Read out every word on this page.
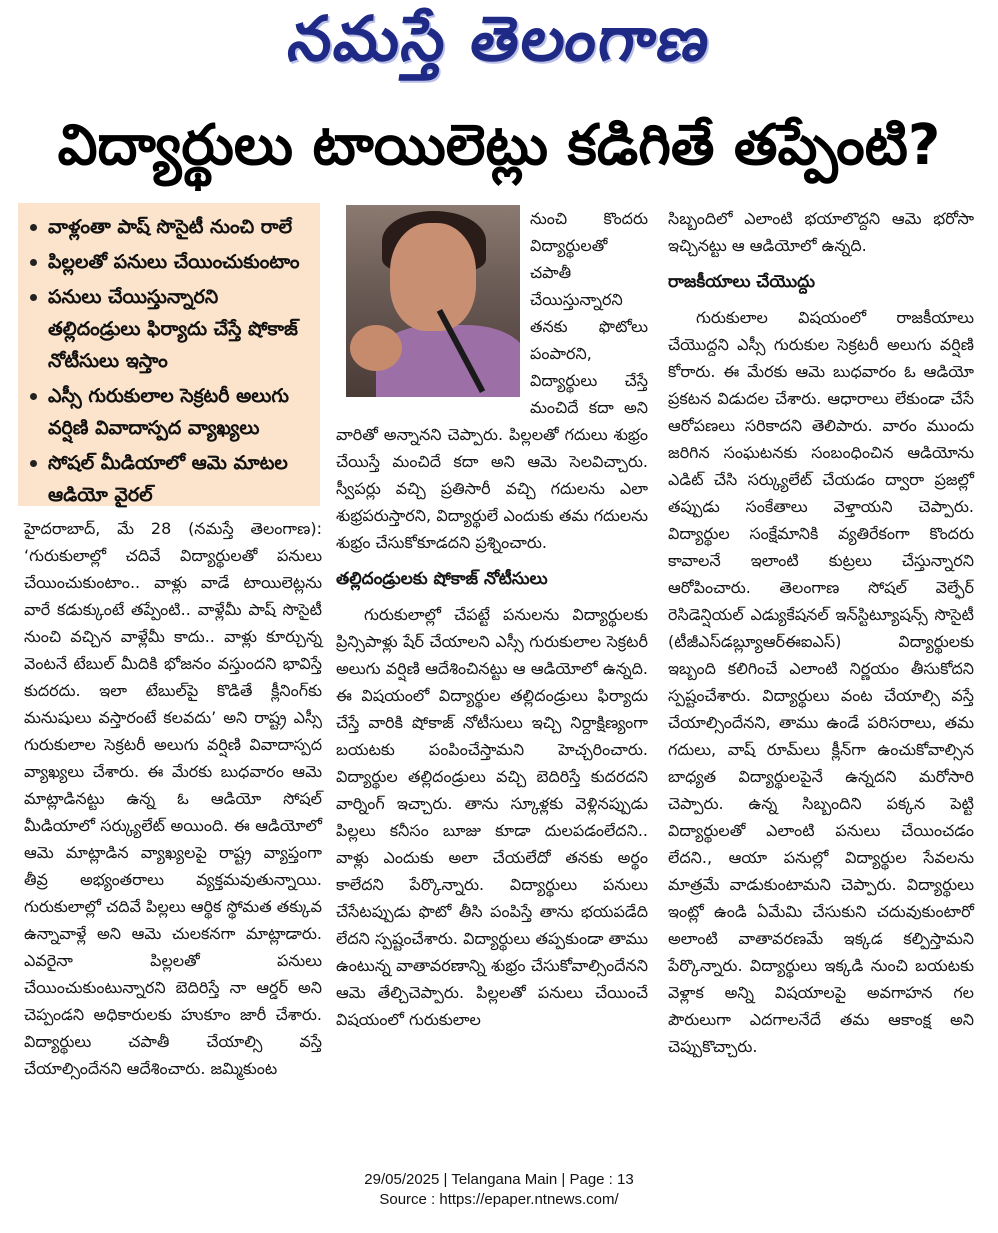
నమస్తే తెలంగాణ
విద్యార్థులు టాయిలెట్లు కడిగితే తప్పేంటి?
వాళ్లంతా పాష్ సొసైటీ నుంచి రాలే
పిల్లలతో పనులు చేయించుకుంటాం
పనులు చేయిస్తున్నారని తల్లిదండ్రులు ఫిర్యాదు చేస్తే షోకాజ్ నోటీసులు ఇస్తాం
ఎస్సీ గురుకులాల సెక్రటరీ అలుగు వర్షిణి వివాదాస్పద వ్యాఖ్యలు
సోషల్ మీడియాలో ఆమె మాటల ఆడియో వైరల్

హైదరాబాద్, మే 28 (నమస్తే తెలంగాణ): ‘గురుకులాల్లో చదివే విద్యార్థులతో పనులు చేయించుకుంటాం.. వాళ్లు వాడే టాయిలెట్లను వారే కడుక్కుంటే తప్పేంటి.. వాళ్లేమీ పాష్ సొసైటీ నుంచి వచ్చిన వాళ్లేమీ కాదు.. వాళ్లు కూర్చున్న వెంటనే టేబుల్ మీదికి భోజనం వస్తుందని భావిస్తే కుదరదు. ఇలా టేబుల్‌పై కొడితే క్లీనింగ్‌కు మనుషులు వస్తారంటే కలవదు’ అని రాష్ట్ర ఎస్సీ గురుకులాల సెక్రటరీ అలుగు వర్షిణి వివాదాస్పద వ్యాఖ్యలు చేశారు. ఈ మేరకు బుధవారం ఆమె మాట్లాడినట్టు ఉన్న ఓ ఆడియో సోషల్ మీడియాలో సర్క్యులేట్ అయింది. ఈ ఆడియోలో ఆమె మాట్లాడిన వ్యాఖ్యలపై రాష్ట్ర వ్యాప్తంగా తీవ్ర అభ్యంతరాలు వ్యక్తమవుతున్నాయి. గురుకులాల్లో చదివే పిల్లలు ఆర్థిక స్థోమత తక్కువ ఉన్నావాళ్లే అని ఆమె చులకనగా మాట్లాడారు. ఎవరైనా పిల్లలతో పనులు చేయించుకుంటున్నారని బెదిరిస్తే నా ఆర్డర్ అని చెప్పండని అధికారులకు హుకూం జారీ చేశారు. విద్యార్థులు చపాతీ చేయాల్సి వస్తే చేయాల్సిందేనని ఆదేశించారు. జమ్మికుంట

నుంచి కొందరు విద్యార్థులతో చపాతీ చేయిస్తున్నారని తనకు ఫొటోలు పంపారని, విద్యార్థులు చేస్తే మంచిదే కదా అని వారితో అన్నానని చెప్పారు. పిల్లలతో గదులు శుభ్రం చేయిస్తే మంచిదే కదా అని ఆమె సెలవిచ్చారు. స్వీపర్లు వచ్చి ప్రతిసారీ వచ్చి గదులను ఎలా శుభ్రపరుస్తారని, విద్యార్థులే ఎందుకు తమ గదులను శుభ్రం చేసుకోకూడదని ప్రశ్నించారు.

తల్లిదండ్రులకు షోకాజ్ నోటీసులు

గురుకులాల్లో చేపట్టే పనులను విద్యార్థులకు ప్రిన్సిపాళ్లు షేర్ చేయాలని ఎస్సీ గురుకులాల సెక్రటరీ అలుగు వర్షిణి ఆదేశించినట్టు ఆ ఆడియోలో ఉన్నది. ఈ విషయంలో విద్యార్థుల తల్లిదండ్రులు ఫిర్యాదు చేస్తే వారికి షోకాజ్ నోటీసులు ఇచ్చి నిర్దాక్షిణ్యంగా బయటకు పంపించేస్తామని హెచ్చరించారు. విద్యార్థుల తల్లిదండ్రులు వచ్చి బెదిరిస్తే కుదరదని వార్నింగ్ ఇచ్చారు. తాను స్కూళ్లకు వెళ్లినప్పుడు పిల్లలు కనీసం బూజు కూడా దులపడంలేదని.. వాళ్లు ఎందుకు అలా చేయలేదో తనకు అర్థం కాలేదని పేర్కొన్నారు. విద్యార్థులు పనులు చేసేటప్పుడు ఫొటో తీసి పంపిస్తే తాను భయపడేది లేదని స్పష్టంచేశారు. విద్యార్థులు తప్పకుండా తాము ఉంటున్న వాతావరణాన్ని శుభ్రం చేసుకోవాల్సిందేనని ఆమె తేల్చిచెప్పారు. పిల్లలతో పనులు చేయించే విషయంలో గురుకులాల

సిబ్బందిలో ఎలాంటి భయాలొద్దని ఆమె భరోసా ఇచ్చినట్టు ఆ ఆడియోలో ఉన్నది.

రాజకీయాలు చేయొద్దు

గురుకులాల విషయంలో రాజకీయాలు చేయొద్దని ఎస్సీ గురుకుల సెక్రటరీ అలుగు వర్షిణి కోరారు. ఈ మేరకు ఆమె బుధవారం ఓ ఆడియో ప్రకటన విడుదల చేశారు. ఆధారాలు లేకుండా చేసే ఆరోపణలు సరికాదని తెలిపారు. వారం ముందు జరిగిన సంఘటనకు సంబంధించిన ఆడియోను ఎడిట్ చేసి సర్క్యులేట్ చేయడం ద్వారా ప్రజల్లో తప్పుడు సంకేతాలు వెళ్తాయని చెప్పారు. విద్యార్థుల సంక్షేమానికి వ్యతిరేకంగా కొందరు కావాలనే ఇలాంటి కుట్రలు చేస్తున్నారని ఆరోపించారు. తెలంగాణ సోషల్ వెల్ఫేర్ రెసిడెన్షియల్ ఎడ్యుకేషనల్ ఇన్‌స్టిట్యూషన్స్ సొసైటీ (టీజీఎస్‌డబ్ల్యూఆర్‌ఈఐఎస్) విద్యార్థులకు ఇబ్బంది కలిగించే ఎలాంటి నిర్ణయం తీసుకోదని స్పష్టంచేశారు. విద్యార్థులు వంట చేయాల్సి వస్తే చేయాల్సిందేనని, తాము ఉండే పరిసరాలు, తమ గదులు, వాష్ రూమ్‌లు క్లీన్‌గా ఉంచుకోవాల్సిన బాధ్యత విద్యార్థులపైనే ఉన్నదని మరోసారి చెప్పారు. ఉన్న సిబ్బందిని పక్కన పెట్టి విద్యార్థులతో ఎలాంటి పనులు చేయించడం లేదని., ఆయా పనుల్లో విద్యార్థుల సేవలను మాత్రమే వాడుకుంటామని చెప్పారు. విద్యార్థులు ఇంట్లో ఉండి ఏమేమి చేసుకుని చదువుకుంటారో అలాంటి వాతావరణమే ఇక్కడ కల్పిస్తామని పేర్కొన్నారు. విద్యార్థులు ఇక్కడి నుంచి బయటకు వెళ్లాక అన్ని విషయాలపై అవగాహన గల పౌరులుగా ఎదగాలనేదే తమ ఆకాంక్ష అని చెప్పుకొచ్చారు.

29/05/2025 | Telangana Main | Page : 13
Source : https://epaper.ntnews.com/
